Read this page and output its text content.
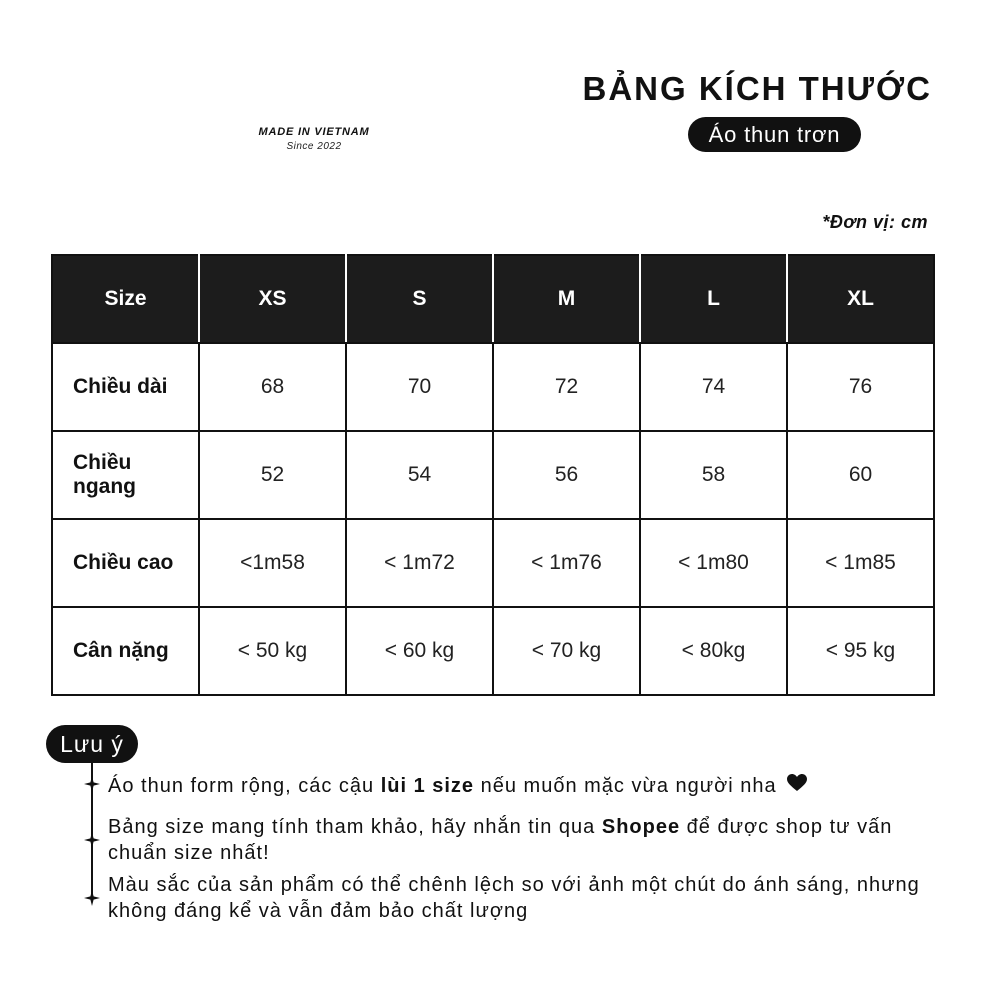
MADE IN VIETNAM
Since 2022
BẢNG KÍCH THƯỚC
Áo thun trơn
*Đơn vị: cm
Size	XS	S	M	L	XL
Chiều dài	68	70	72	74	76
Chiều ngang	52	54	56	58	60
Chiều cao	<1m58	< 1m72	< 1m76	< 1m80	< 1m85
Cân nặng	< 50 kg	< 60 kg	< 70 kg	< 80kg	< 95 kg
Lưu ý
Áo thun form rộng, các cậu lùi 1 size nếu muốn mặc vừa người nha
Bảng size mang tính tham khảo, hãy nhắn tin qua Shopee để được shop tư vấn chuẩn size nhất!
Màu sắc của sản phẩm có thể chênh lệch so với ảnh một chút do ánh sáng, nhưng không đáng kể và vẫn đảm bảo chất lượng
